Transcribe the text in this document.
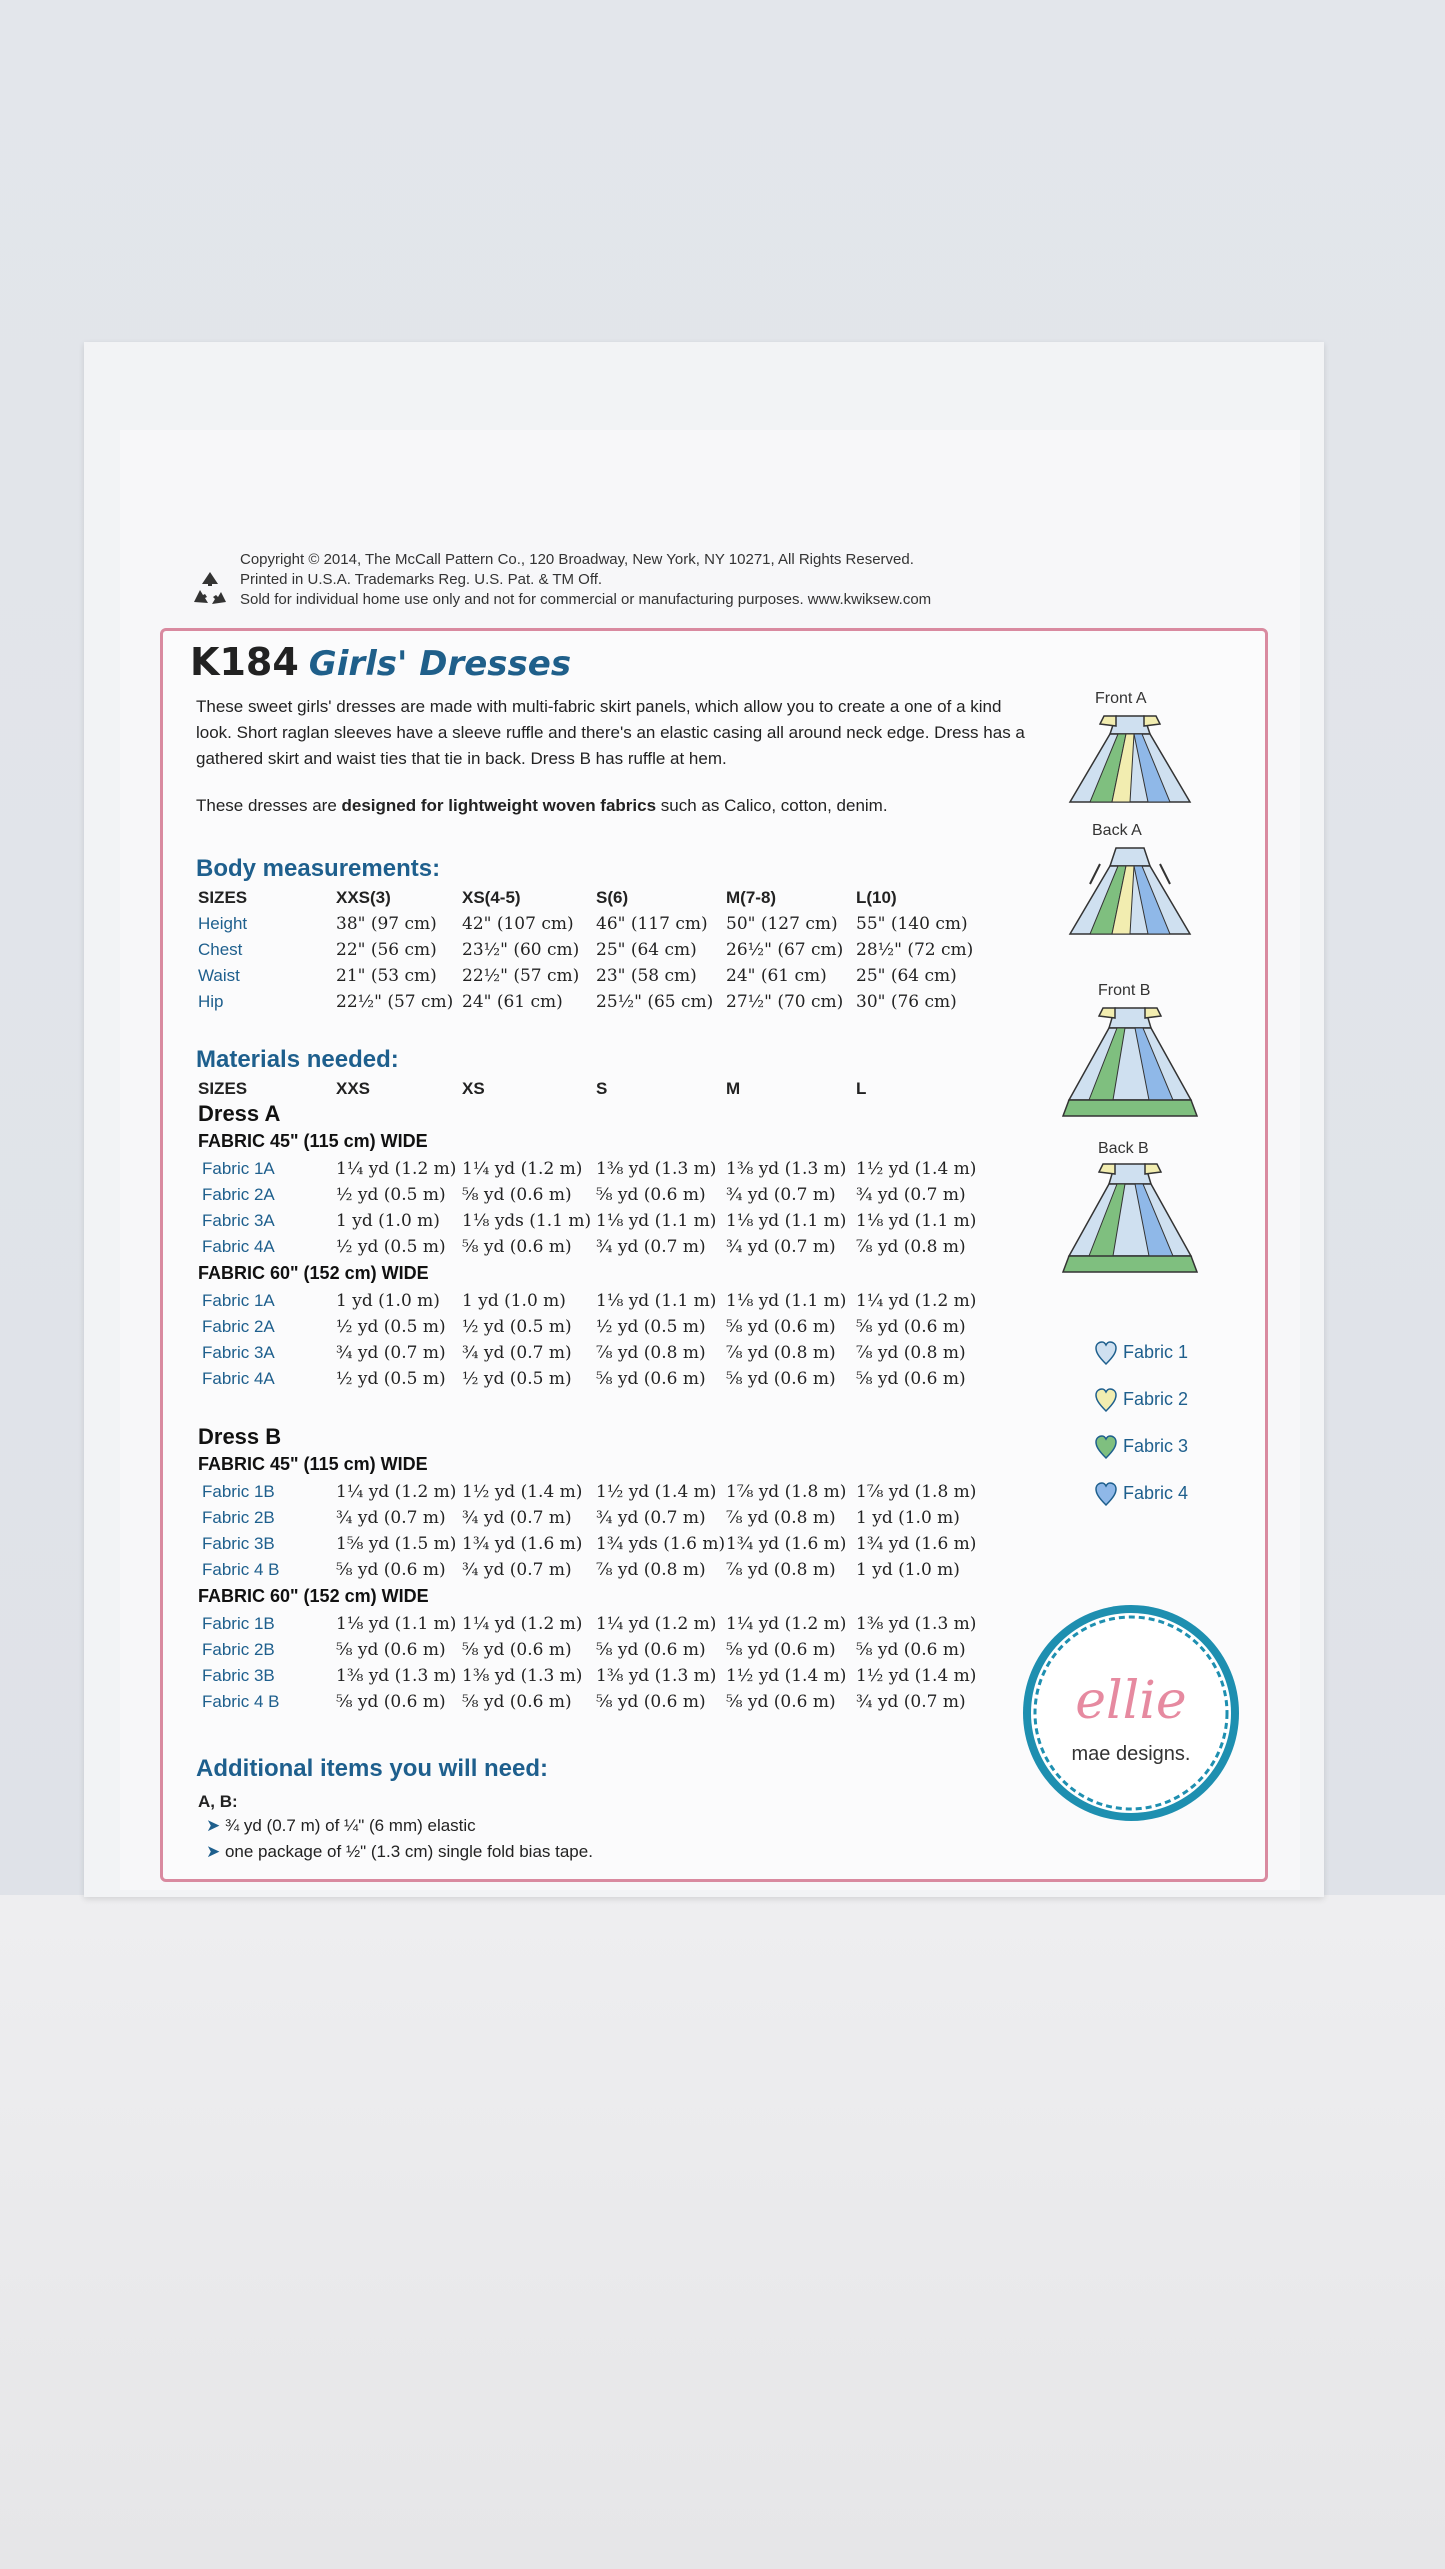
Copyright © 2014, The McCall Pattern Co., 120 Broadway, New York, NY 10271, All Rights Reserved.
Printed in U.S.A. Trademarks Reg. U.S. Pat. & TM Off.
Sold for individual home use only and not for commercial or manufacturing purposes. www.kwiksew.com
K184 Girls' Dresses
These sweet girls' dresses are made with multi-fabric skirt panels, which allow you to create a one of a kind look. Short raglan sleeves have a sleeve ruffle and there's an elastic casing all around neck edge. Dress has a gathered skirt and waist ties that tie in back. Dress B has ruffle at hem.
These dresses are designed for lightweight woven fabrics such as Calico, cotton, denim.
Body measurements:
SIZES	XXS(3)	XS(4-5)	S(6)	M(7-8)	L(10)
Height	38" (97 cm) 42" (107 cm) 46" (117 cm) 50" (127 cm) 55" (140 cm)
Chest	22" (56 cm) 23½" (60 cm) 25" (64 cm) 26½" (67 cm) 28½" (72 cm)
Waist	21" (53 cm) 22½" (57 cm) 23" (58 cm) 24" (61 cm) 25" (64 cm)
Hip	22½" (57 cm) 24" (61 cm) 25½" (65 cm) 27½" (70 cm) 30" (76 cm)
Materials needed:
SIZES	XXS	XS	S	M	L
Dress A
FABRIC 45" (115 cm) WIDE
Fabric 1A	1¼ yd (1.2 m) 1¼ yd (1.2 m) 1⅜ yd (1.3 m) 1⅜ yd (1.3 m) 1½ yd (1.4 m)
Fabric 2A	½ yd (0.5 m) ⅝ yd (0.6 m) ⅝ yd (0.6 m) ¾ yd (0.7 m) ¾ yd (0.7 m)
Fabric 3A	1 yd (1.0 m) 1⅛ yds (1.1 m) 1⅛ yd (1.1 m) 1⅛ yd (1.1 m) 1⅛ yd (1.1 m)
Fabric 4A	½ yd (0.5 m) ⅝ yd (0.6 m) ¾ yd (0.7 m) ¾ yd (0.7 m) ⅞ yd (0.8 m)
FABRIC 60" (152 cm) WIDE
Fabric 1A	1 yd (1.0 m) 1 yd (1.0 m) 1⅛ yd (1.1 m) 1⅛ yd (1.1 m) 1¼ yd (1.2 m)
Fabric 2A	½ yd (0.5 m) ½ yd (0.5 m) ½ yd (0.5 m) ⅝ yd (0.6 m) ⅝ yd (0.6 m)
Fabric 3A	¾ yd (0.7 m) ¾ yd (0.7 m) ⅞ yd (0.8 m) ⅞ yd (0.8 m) ⅞ yd (0.8 m)
Fabric 4A	½ yd (0.5 m) ½ yd (0.5 m) ⅝ yd (0.6 m) ⅝ yd (0.6 m) ⅝ yd (0.6 m)
Dress B
FABRIC 45" (115 cm) WIDE
Fabric 1B	1¼ yd (1.2 m) 1½ yd (1.4 m) 1½ yd (1.4 m) 1⅞ yd (1.8 m) 1⅞ yd (1.8 m)
Fabric 2B	¾ yd (0.7 m) ¾ yd (0.7 m) ¾ yd (0.7 m) ⅞ yd (0.8 m) 1 yd (1.0 m)
Fabric 3B	1⅝ yd (1.5 m) 1¾ yd (1.6 m) 1¾ yds (1.6 m) 1¾ yd (1.6 m) 1¾ yd (1.6 m)
Fabric 4 B	⅝ yd (0.6 m) ¾ yd (0.7 m) ⅞ yd (0.8 m) ⅞ yd (0.8 m) 1 yd (1.0 m)
FABRIC 60" (152 cm) WIDE
Fabric 1B	1⅛ yd (1.1 m) 1¼ yd (1.2 m) 1¼ yd (1.2 m) 1¼ yd (1.2 m) 1⅜ yd (1.3 m)
Fabric 2B	⅝ yd (0.6 m) ⅝ yd (0.6 m) ⅝ yd (0.6 m) ⅝ yd (0.6 m) ⅝ yd (0.6 m)
Fabric 3B	1⅜ yd (1.3 m) 1⅜ yd (1.3 m) 1⅜ yd (1.3 m) 1½ yd (1.4 m) 1½ yd (1.4 m)
Fabric 4 B	⅝ yd (0.6 m) ⅝ yd (0.6 m) ⅝ yd (0.6 m) ⅝ yd (0.6 m) ¾ yd (0.7 m)
Additional items you will need:
A, B:
➤ ¾ yd (0.7 m) of ¼" (6 mm) elastic
➤ one package of ½" (1.3 cm) single fold bias tape.
Front A
Back A
Front B
Back B
Fabric 1
Fabric 2
Fabric 3
Fabric 4
ellie
mae designs.
